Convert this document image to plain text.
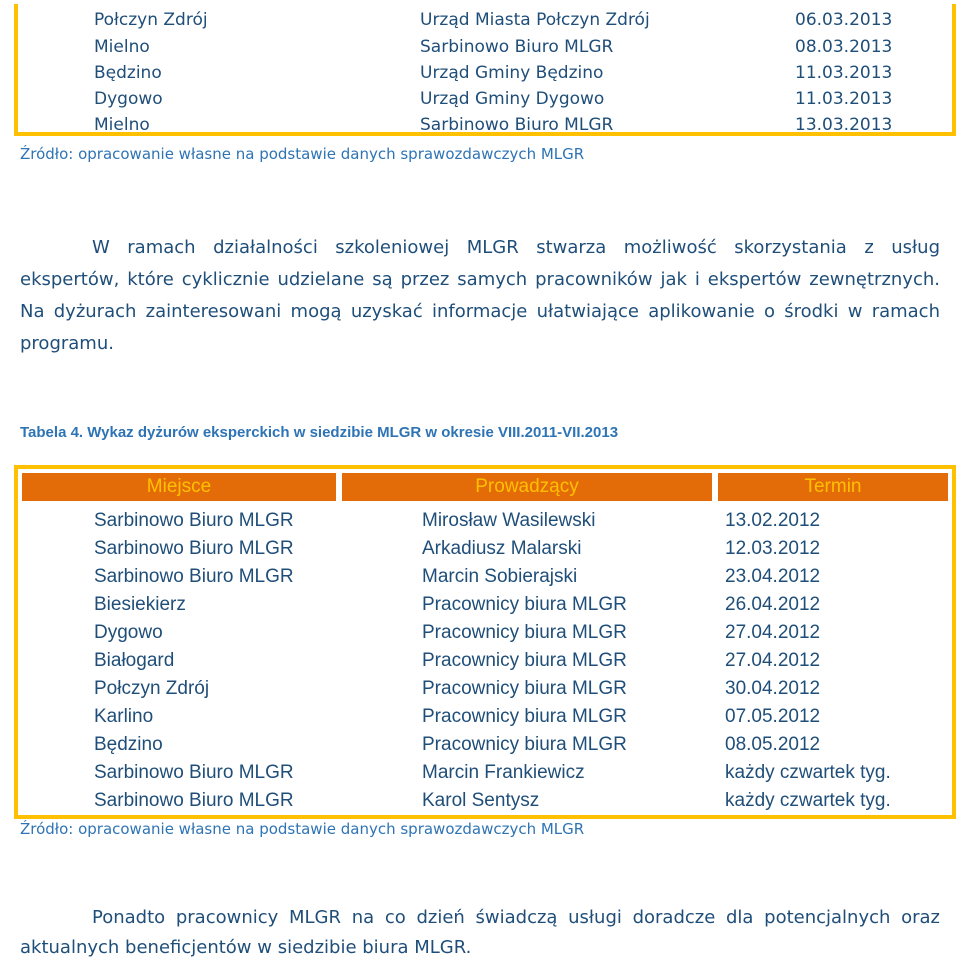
Połczyn Zdrój	Urząd Miasta Połczyn Zdrój	06.03.2013
Mielno	Sarbinowo Biuro MLGR	08.03.2013
Będzino	Urząd Gminy Będzino	11.03.2013
Dygowo	Urząd Gminy Dygowo	11.03.2013
Mielno	Sarbinowo Biuro MLGR	13.03.2013
Źródło: opracowanie własne na podstawie danych sprawozdawczych MLGR
W ramach działalności szkoleniowej MLGR stwarza możliwość skorzystania z usług
ekspertów, które cyklicznie udzielane są przez samych pracowników jak i ekspertów zewnętrznych.
Na dyżurach zainteresowani mogą uzyskać informacje ułatwiające aplikowanie o środki w ramach
programu.
Tabela 4. Wykaz dyżurów eksperckich w siedzibie MLGR w okresie VIII.2011-VII.2013
Miejsce	Prowadzący	Termin
Sarbinowo Biuro MLGR	Mirosław Wasilewski	13.02.2012
Sarbinowo Biuro MLGR	Arkadiusz Malarski	12.03.2012
Sarbinowo Biuro MLGR	Marcin Sobierajski	23.04.2012
Biesiekierz	Pracownicy biura MLGR	26.04.2012
Dygowo	Pracownicy biura MLGR	27.04.2012
Białogard	Pracownicy biura MLGR	27.04.2012
Połczyn Zdrój	Pracownicy biura MLGR	30.04.2012
Karlino	Pracownicy biura MLGR	07.05.2012
Będzino	Pracownicy biura MLGR	08.05.2012
Sarbinowo Biuro MLGR	Marcin Frankiewicz	każdy czwartek tyg.
Sarbinowo Biuro MLGR	Karol Sentysz	każdy czwartek tyg.
Źródło: opracowanie własne na podstawie danych sprawozdawczych MLGR
Ponadto pracownicy MLGR na co dzień świadczą usługi doradcze dla potencjalnych oraz
aktualnych beneficjentów w siedzibie biura MLGR.
